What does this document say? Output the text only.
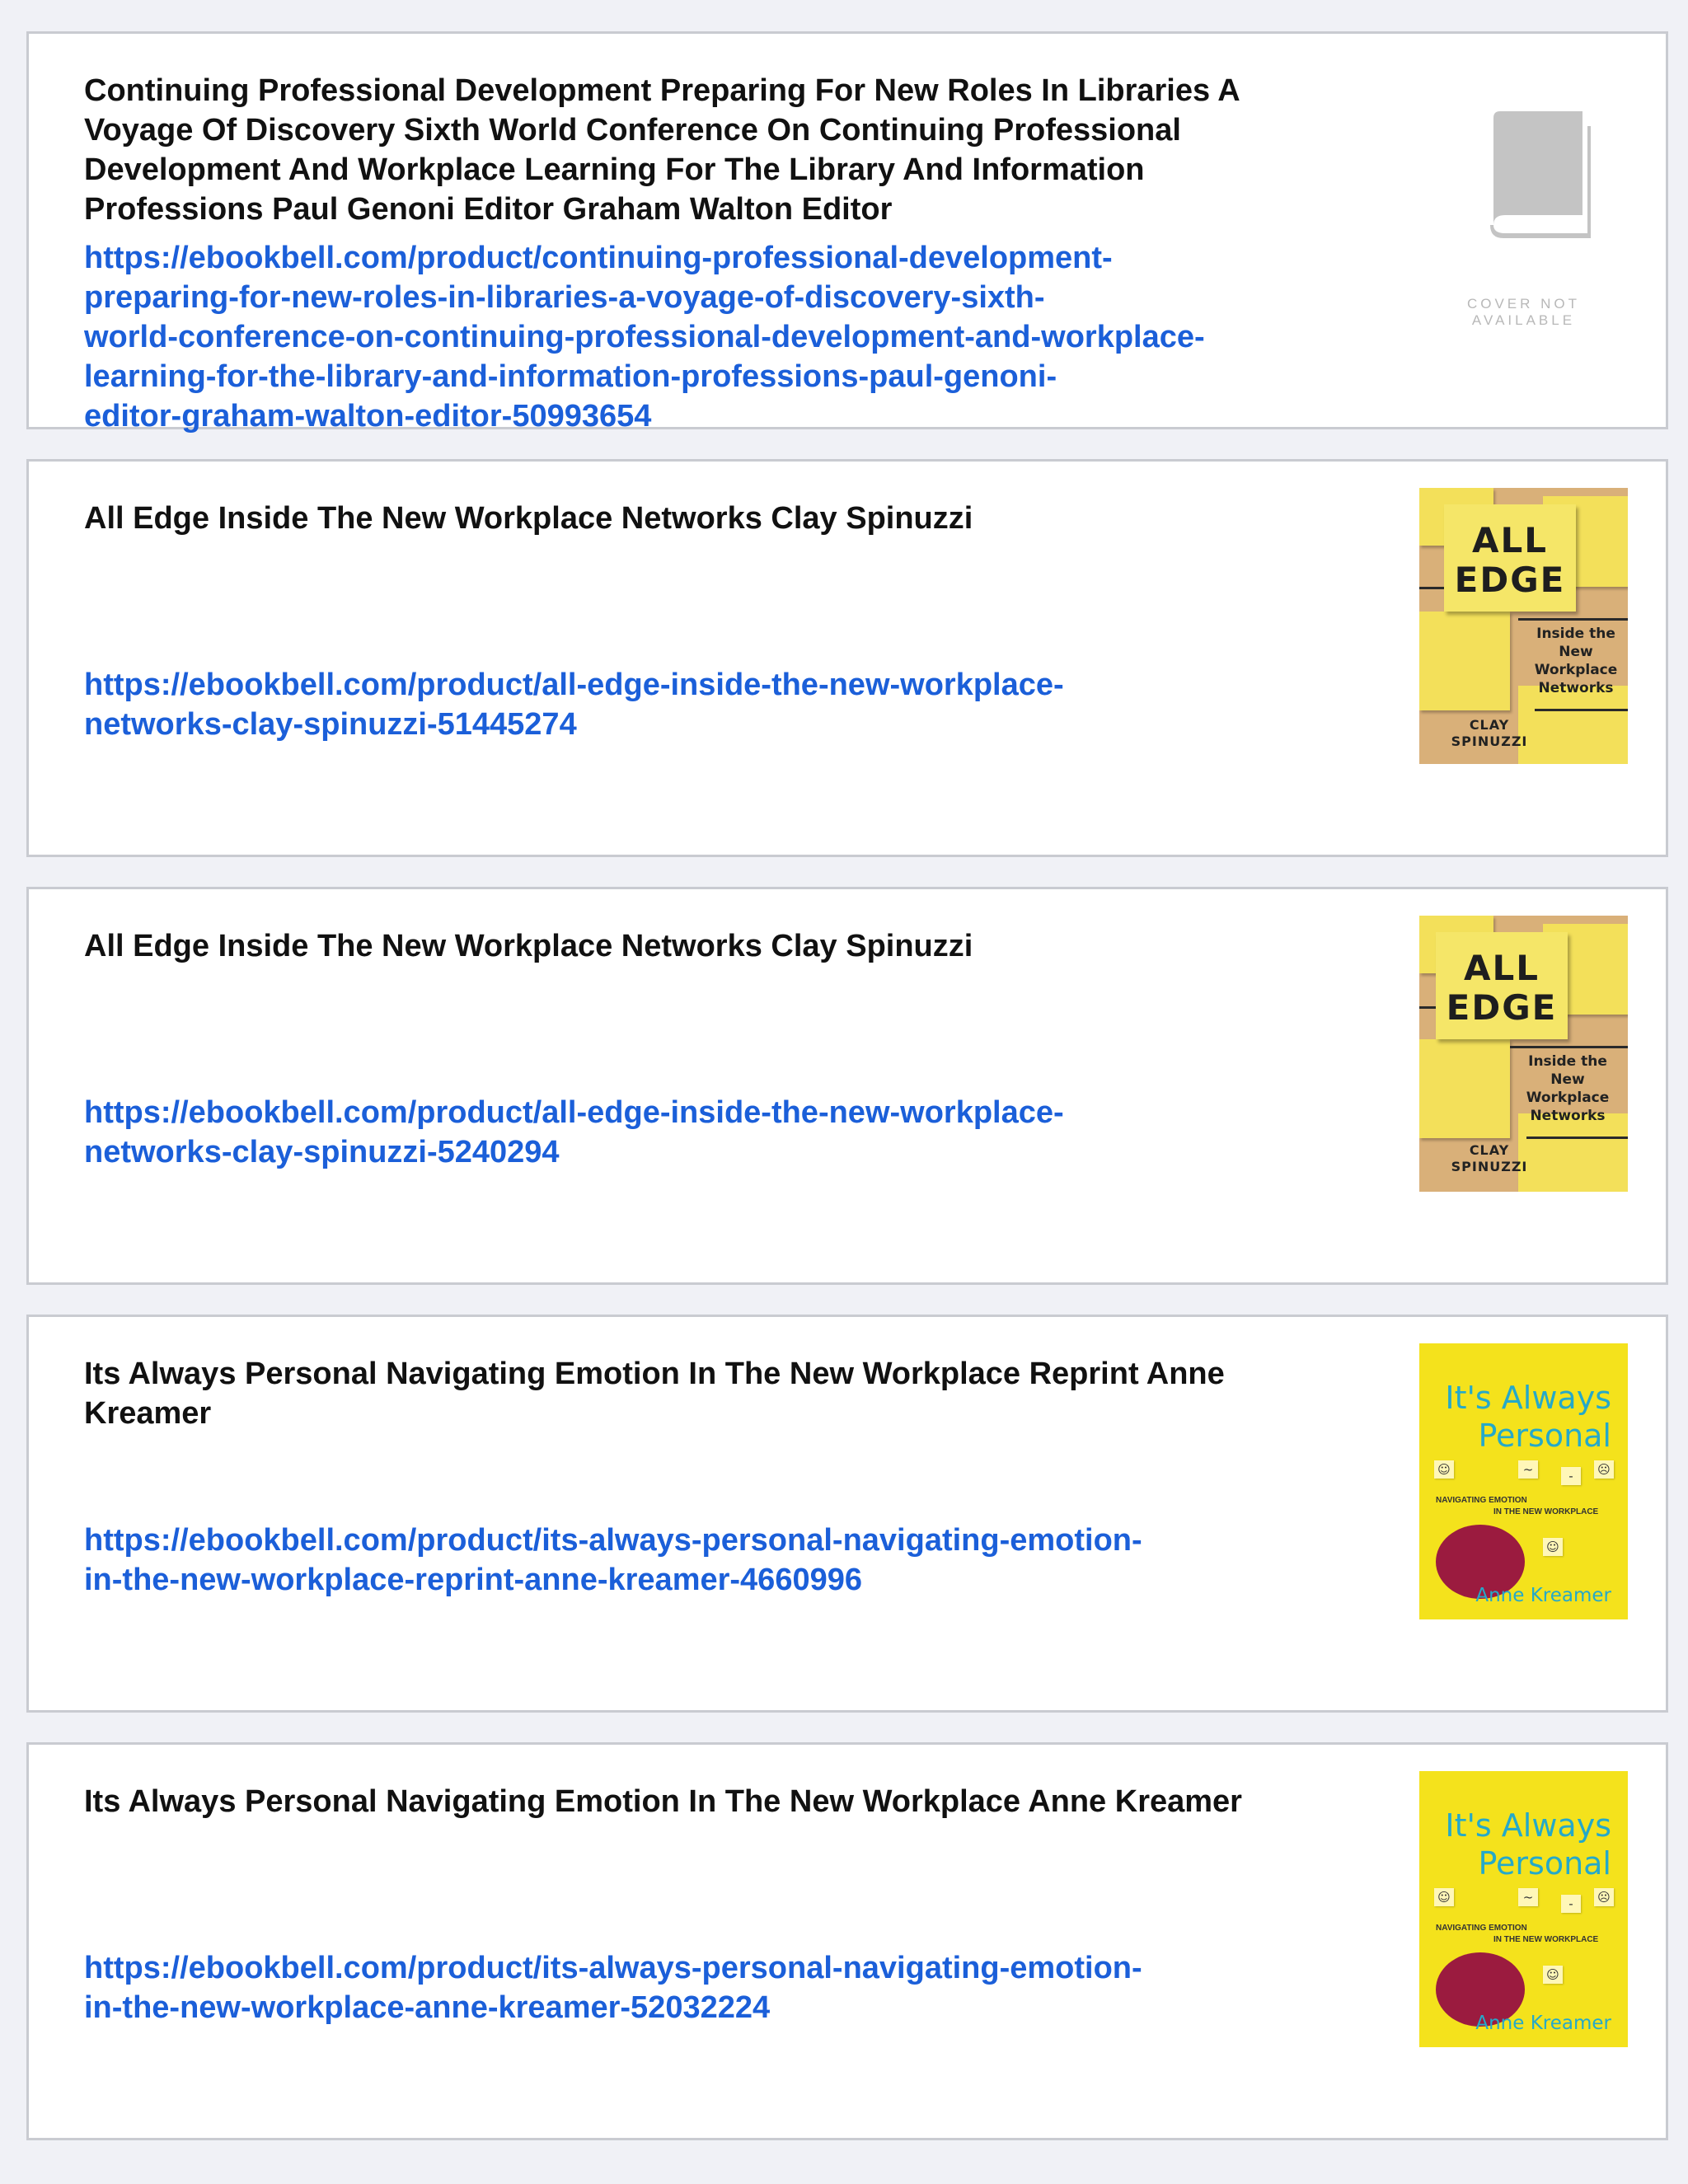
Continuing Professional Development Preparing For New Roles In Libraries A Voyage Of Discovery Sixth World Conference On Continuing Professional Development And Workplace Learning For The Library And Information Professions Paul Genoni Editor Graham Walton Editor
https://ebookbell.com/product/continuing-professional-development-
preparing-for-new-roles-in-libraries-a-voyage-of-discovery-sixth-
world-conference-on-continuing-professional-development-and-workplace-
learning-for-the-library-and-information-professions-paul-genoni-
editor-graham-walton-editor-50993654
COVER NOT AVAILABLE
All Edge Inside The New Workplace Networks Clay Spinuzzi
https://ebookbell.com/product/all-edge-inside-the-new-workplace-
networks-clay-spinuzzi-51445274
ALL
EDGE
Inside the
New
Workplace
Networks
CLAY
SPINUZZI
All Edge Inside The New Workplace Networks Clay Spinuzzi
https://ebookbell.com/product/all-edge-inside-the-new-workplace-
networks-clay-spinuzzi-5240294
ALL
EDGE
Inside the
New
Workplace
Networks
CLAY
SPINUZZI
Its Always Personal Navigating Emotion In The New Workplace Reprint Anne Kreamer
https://ebookbell.com/product/its-always-personal-navigating-emotion-
in-the-new-workplace-reprint-anne-kreamer-4660996
It's Always
Personal
☺	~	-	☹
NAVIGATING EMOTION
IN THE NEW WORKPLACE
☺
Anne Kreamer
Its Always Personal Navigating Emotion In The New Workplace Anne Kreamer
https://ebookbell.com/product/its-always-personal-navigating-emotion-
in-the-new-workplace-anne-kreamer-52032224
It's Always
Personal
☺	~	-	☹
NAVIGATING EMOTION
IN THE NEW WORKPLACE
☺
Anne Kreamer
